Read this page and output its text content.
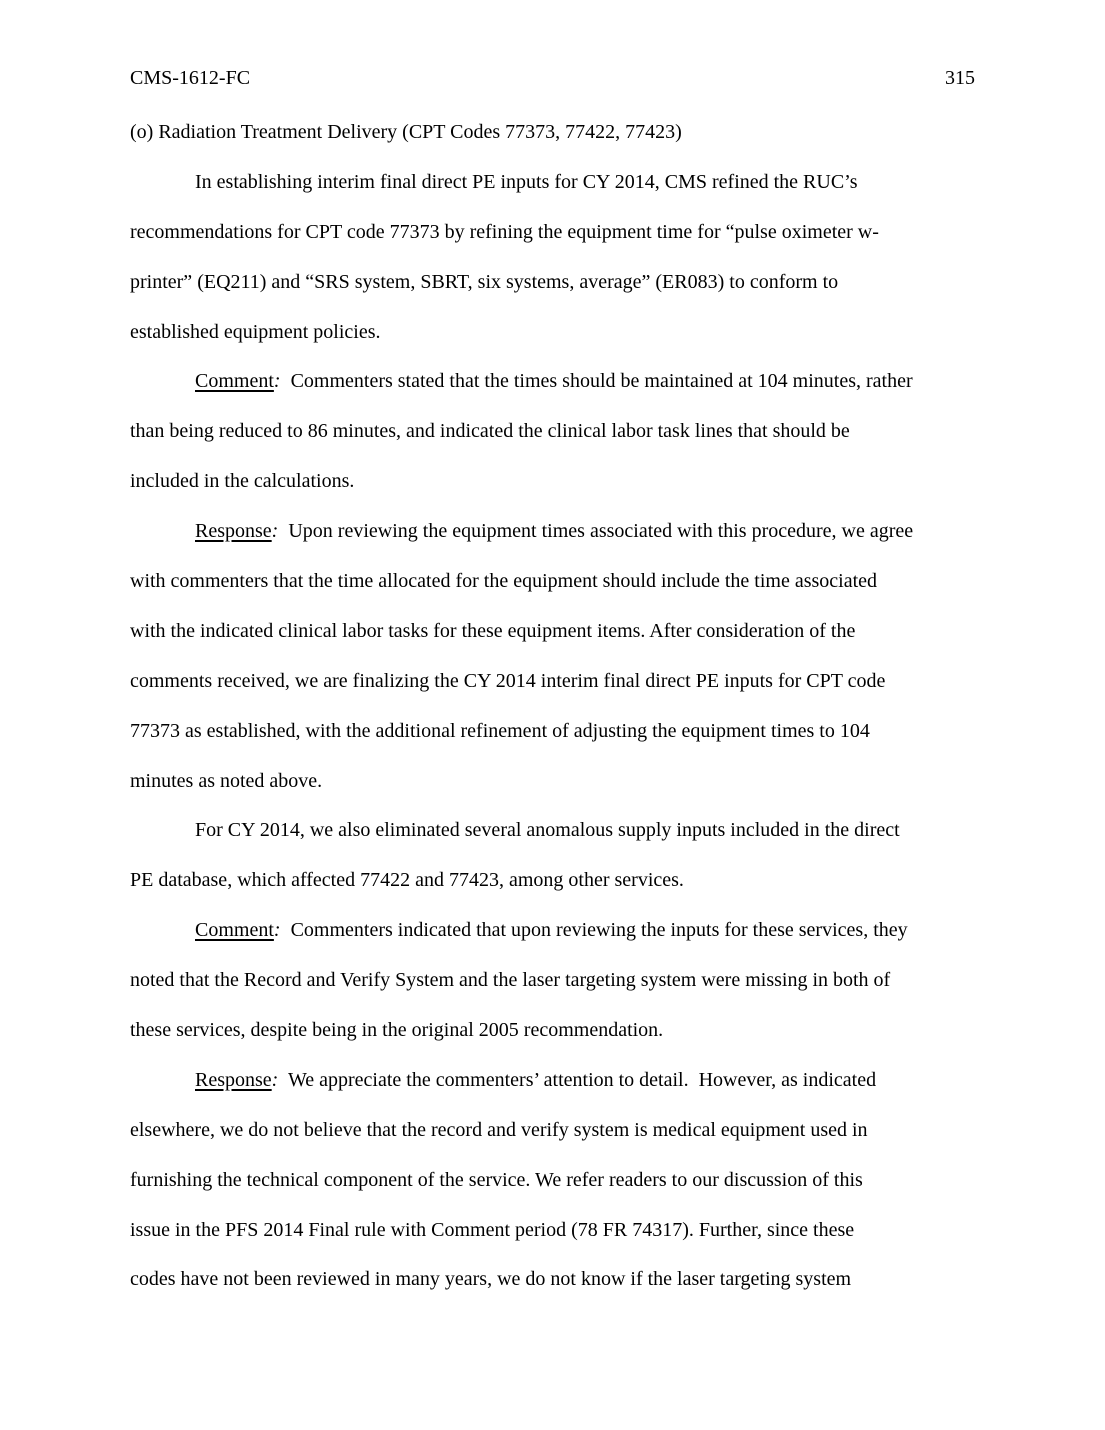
CMS-1612-FC	315
(o) Radiation Treatment Delivery (CPT Codes 77373, 77422, 77423)
In establishing interim final direct PE inputs for CY 2014, CMS refined the RUC’s
recommendations for CPT code 77373 by refining the equipment time for “pulse oximeter w-
printer” (EQ211) and “SRS system, SBRT, six systems, average” (ER083) to conform to
established equipment policies.
Comment:  Commenters stated that the times should be maintained at 104 minutes, rather
than being reduced to 86 minutes, and indicated the clinical labor task lines that should be
included in the calculations.
Response:  Upon reviewing the equipment times associated with this procedure, we agree
with commenters that the time allocated for the equipment should include the time associated
with the indicated clinical labor tasks for these equipment items. After consideration of the
comments received, we are finalizing the CY 2014 interim final direct PE inputs for CPT code
77373 as established, with the additional refinement of adjusting the equipment times to 104
minutes as noted above.
For CY 2014, we also eliminated several anomalous supply inputs included in the direct
PE database, which affected 77422 and 77423, among other services.
Comment:  Commenters indicated that upon reviewing the inputs for these services, they
noted that the Record and Verify System and the laser targeting system were missing in both of
these services, despite being in the original 2005 recommendation.
Response:  We appreciate the commenters’ attention to detail.  However, as indicated
elsewhere, we do not believe that the record and verify system is medical equipment used in
furnishing the technical component of the service. We refer readers to our discussion of this
issue in the PFS 2014 Final rule with Comment period (78 FR 74317). Further, since these
codes have not been reviewed in many years, we do not know if the laser targeting system
